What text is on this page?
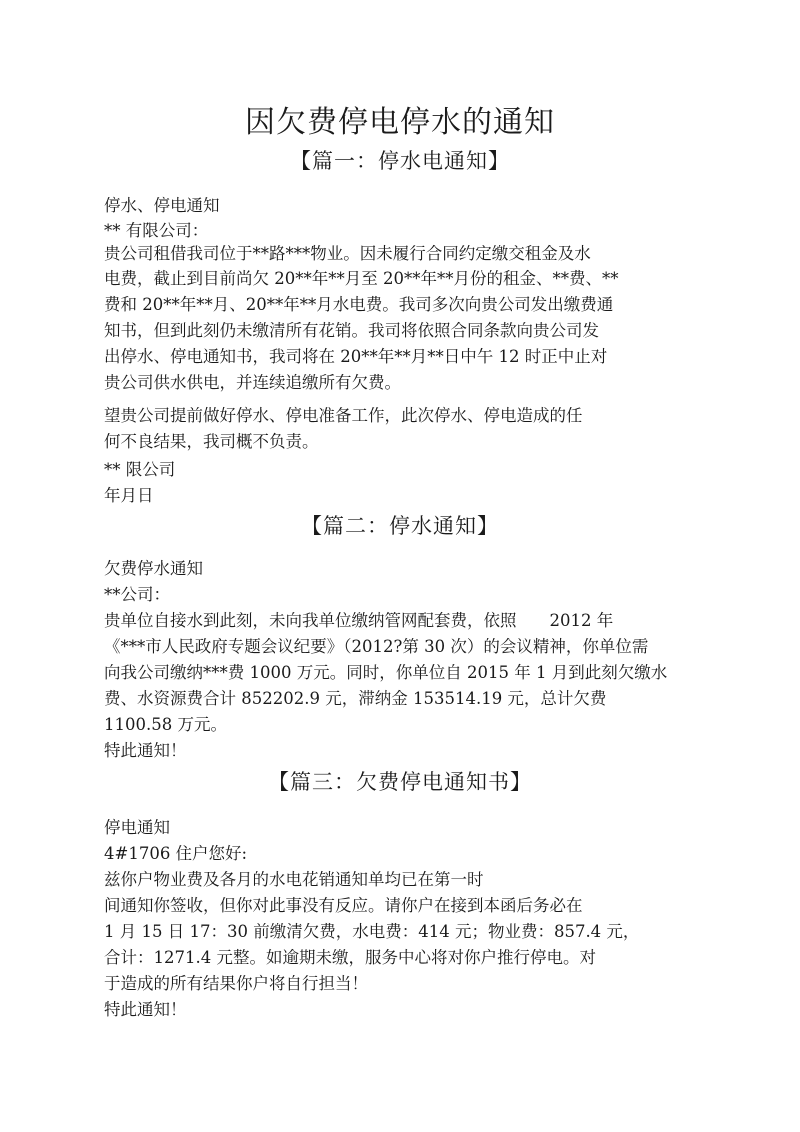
因欠费停电停水的通知
【篇一：停水电通知】
停水、停电通知
** 有限公司：
贵公司租借我司位于**路***物业。因未履行合同约定缴交租金及水
电费，截止到目前尚欠 20**年**月至 20**年**月份的租金、**费、**
费和 20**年**月、20**年**月水电费。我司多次向贵公司发出缴费通
知书，但到此刻仍未缴清所有花销。我司将依照合同条款向贵公司发
出停水、停电通知书，我司将在 20**年**月**日中午 12 时正中止对
贵公司供水供电，并连续追缴所有欠费。
望贵公司提前做好停水、停电准备工作，此次停水、停电造成的任
何不良结果，我司概不负责。
** 限公司
年月日
【篇二：停水通知】
欠费停水通知
**公司：
贵单位自接水到此刻，未向我单位缴纳管网配套费，依照　　2012 年
《***市人民政府专题会议纪要》（2012?第 30 次）的会议精神，你单位需
向我公司缴纳***费 1000 万元。同时，你单位自 2015 年 1 月到此刻欠缴水
费、水资源费合计 852202.9 元，滞纳金 153514.19 元，总计欠费
1100.58 万元。
特此通知！
【篇三：欠费停电通知书】
停电通知
4#1706 住户您好:
兹你户物业费及各月的水电花销通知单均已在第一时
间通知你签收，但你对此事没有反应。请你户在接到本函后务必在
1 月 15 日 17：30 前缴清欠费，水电费：414 元；物业费：857.4 元，
合计：1271.4 元整。如逾期未缴，服务中心将对你户推行停电。对
于造成的所有结果你户将自行担当！
特此通知！
